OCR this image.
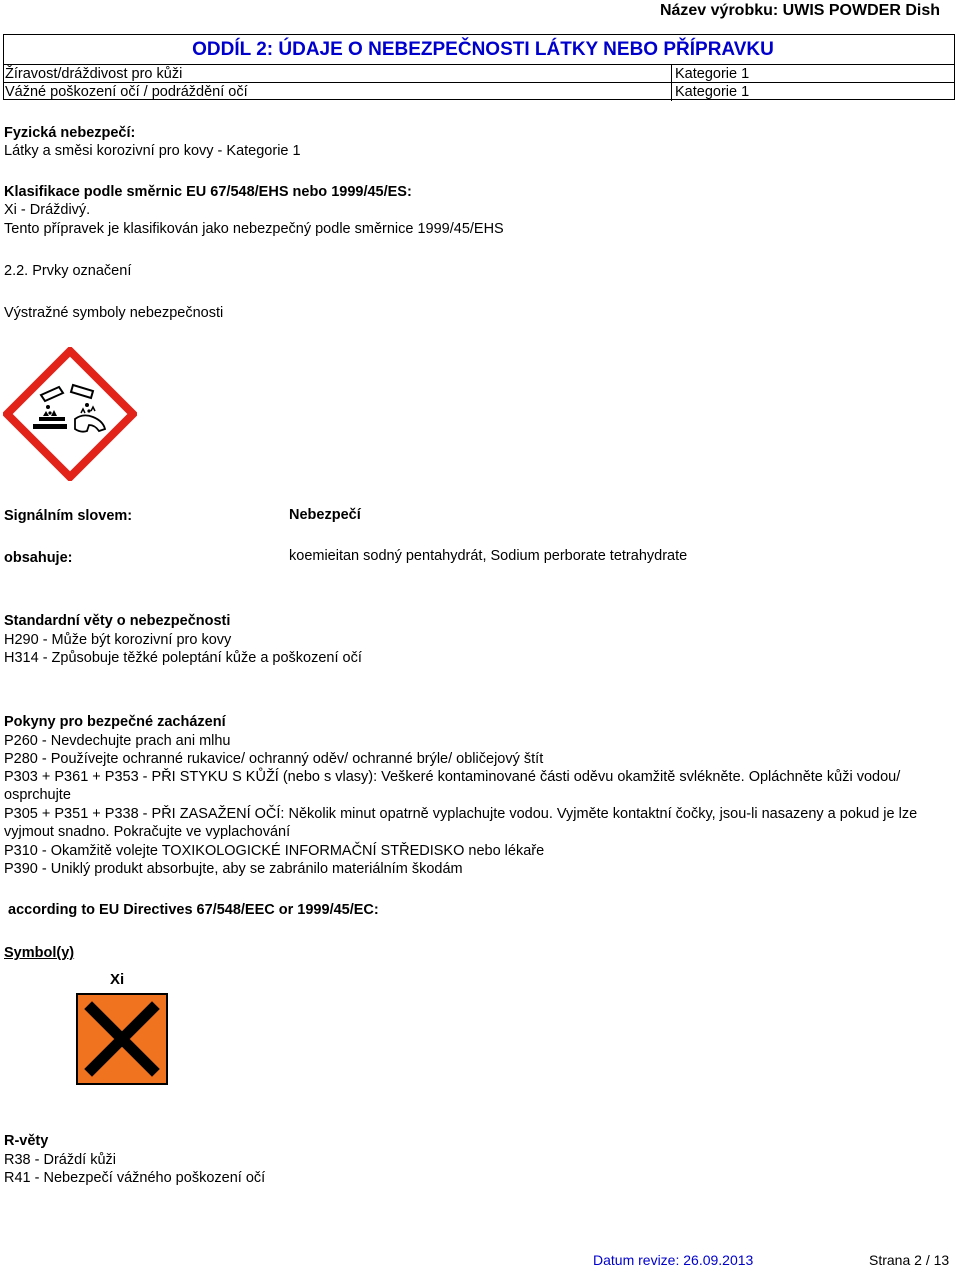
Název výrobku: UWIS POWDER Dish
ODDÍL 2: ÚDAJE O NEBEZPEČNOSTI LÁTKY NEBO PŘÍPRAVKU
Žíravost/dráždivost pro kůži	Kategorie 1
Vážné poškození očí / podráždění očí	Kategorie 1
Fyzická nebezpečí:
Látky a směsi korozivní pro kovy - Kategorie 1
Klasifikace podle směrnic EU 67/548/EHS nebo 1999/45/ES:
Xi - Dráždivý.
Tento přípravek je klasifikován jako nebezpečný podle směrnice 1999/45/EHS
2.2. Prvky označení
Výstražné symboly nebezpečnosti
Signálním slovem:	Nebezpečí
obsahuje:	koemieitan sodný pentahydrát, Sodium perborate tetrahydrate
Standardní věty o nebezpečnosti
H290 - Může být korozivní pro kovy
H314 - Způsobuje těžké poleptání kůže a poškození očí
Pokyny pro bezpečné zacházení
P260 - Nevdechujte prach ani mlhu
P280 - Používejte ochranné rukavice/ ochranný oděv/ ochranné brýle/ obličejový štít
P303 + P361 + P353 - PŘI STYKU S KŮŽÍ (nebo s vlasy): Veškeré kontaminované části oděvu okamžitě svlékněte. Opláchněte kůži vodou/ osprchujte
P305 + P351 + P338 - PŘI ZASAŽENÍ OČÍ: Několik minut opatrně vyplachujte vodou. Vyjměte kontaktní čočky, jsou-li nasazeny a pokud je lze vyjmout snadno. Pokračujte ve vyplachování
P310 - Okamžitě volejte TOXIKOLOGICKÉ INFORMAČNÍ STŘEDISKO nebo lékaře
P390 - Uniklý produkt absorbujte, aby se zabránilo materiálním škodám
according to EU Directives 67/548/EEC or 1999/45/EC:
Symbol(y)
Xi
R-věty
R38 - Dráždí kůži
R41 - Nebezpečí vážného poškození očí
Datum revize: 26.09.2013	Strana 2 / 13
